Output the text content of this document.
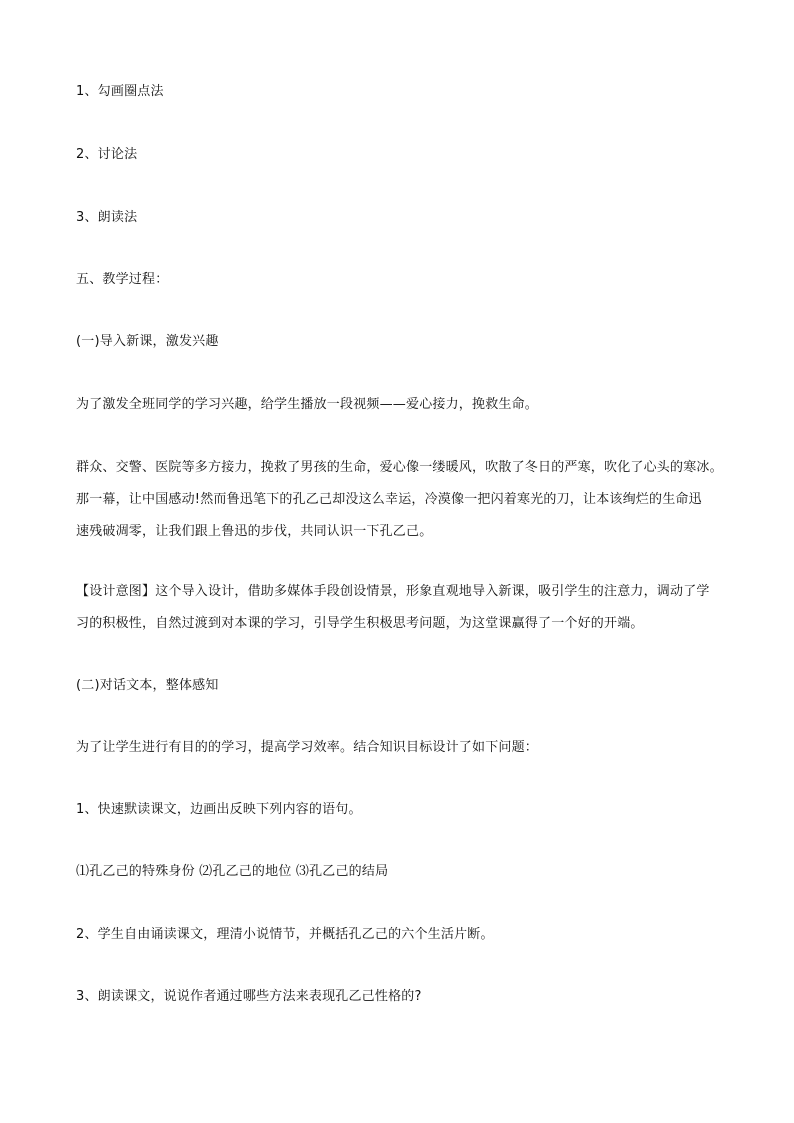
1、勾画圈点法
2、讨论法
3、朗读法
五、教学过程：
(一)导入新课，激发兴趣
为了激发全班同学的学习兴趣，给学生播放一段视频——爱心接力，挽救生命。
群众、交警、医院等多方接力，挽救了男孩的生命，爱心像一缕暖风，吹散了冬日的严寒，吹化了心头的寒冰。
那一幕，让中国感动!然而鲁迅笔下的孔乙己却没这么幸运，冷漠像一把闪着寒光的刀，让本该绚烂的生命迅
速残破凋零，让我们跟上鲁迅的步伐，共同认识一下孔乙己。
【设计意图】这个导入设计，借助多媒体手段创设情景，形象直观地导入新课，吸引学生的注意力，调动了学
习的积极性，自然过渡到对本课的学习，引导学生积极思考问题，为这堂课赢得了一个好的开端。
(二)对话文本，整体感知
为了让学生进行有目的的学习，提高学习效率。结合知识目标设计了如下问题：
1、快速默读课文，边画出反映下列内容的语句。
⑴孔乙己的特殊身份 ⑵孔乙己的地位 ⑶孔乙己的结局
2、学生自由诵读课文，理清小说情节，并概括孔乙己的六个生活片断。
3、朗读课文，说说作者通过哪些方法来表现孔乙己性格的?
